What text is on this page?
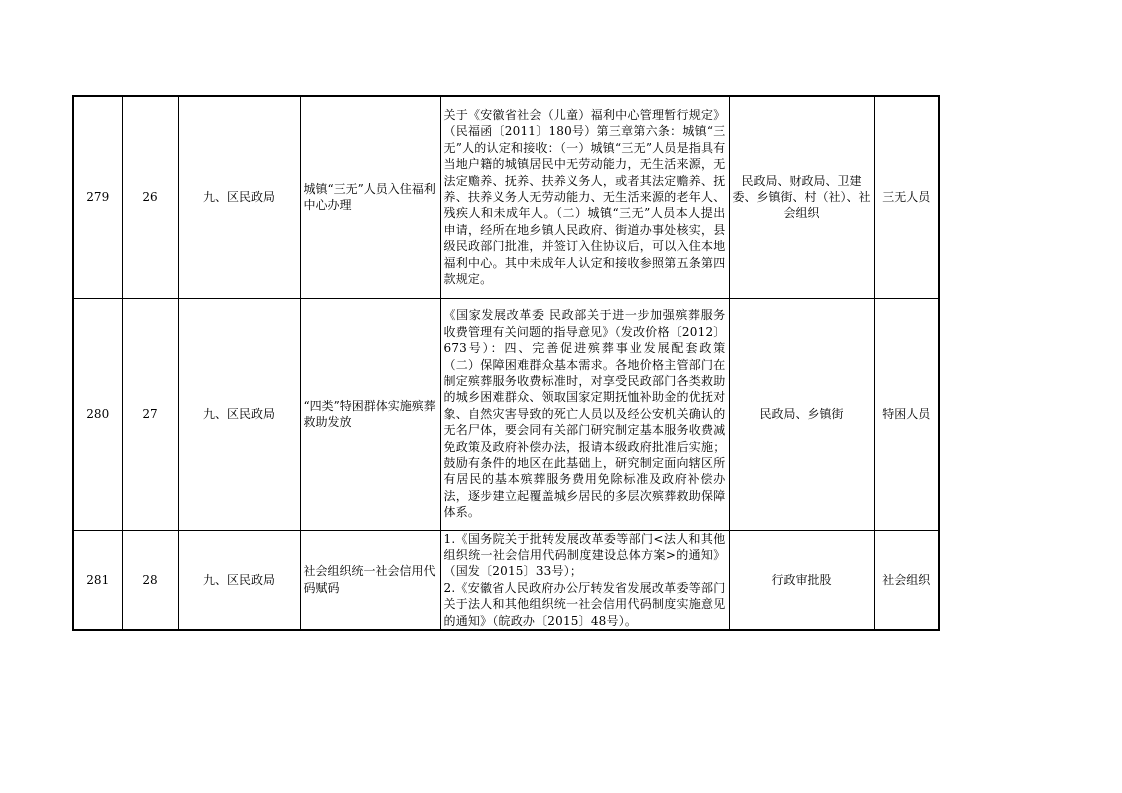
279	26	九、区民政局	城镇“三无”人员入住福利中心办理	关于《安徽省社会（儿童）福利中心管理暂行规定》（民福函〔2011〕180号）第三章第六条：城镇“三无”人的认定和接收：（一）城镇“三无”人员是指具有当地户籍的城镇居民中无劳动能力，无生活来源，无法定赡养、抚养、扶养义务人，或者其法定赡养、抚养、扶养义务人无劳动能力、无生活来源的老年人、残疾人和未成年人。（二）城镇“三无”人员本人提出申请，经所在地乡镇人民政府、街道办事处核实，县级民政部门批准，并签订入住协议后，可以入住本地福利中心。其中未成年人认定和接收参照第五条第四款规定。	民政局、财政局、卫建委、乡镇街、村（社）、社会组织	三无人员
280	27	九、区民政局	“四类”特困群体实施殡葬救助发放	《国家发展改革委 民政部关于进一步加强殡葬服务收费管理有关问题的指导意见》（发改价格〔2012〕673号）：四、完善促进殡葬事业发展配套政策 （二）保障困难群众基本需求。各地价格主管部门在制定殡葬服务收费标准时，对享受民政部门各类救助的城乡困难群众、领取国家定期抚恤补助金的优抚对象、自然灾害导致的死亡人员以及经公安机关确认的无名尸体，要会同有关部门研究制定基本服务收费减免政策及政府补偿办法，报请本级政府批准后实施；鼓励有条件的地区在此基础上，研究制定面向辖区所有居民的基本殡葬服务费用免除标准及政府补偿办法，逐步建立起覆盖城乡居民的多层次殡葬救助保障体系。	民政局、乡镇街	特困人员
281	28	九、区民政局	社会组织统一社会信用代码赋码	1.《国务院关于批转发展改革委等部门<法人和其他组织统一社会信用代码制度建设总体方案>的通知》（国发〔2015〕33号）；
2.《安徽省人民政府办公厅转发省发展改革委等部门关于法人和其他组织统一社会信用代码制度实施意见的通知》（皖政办〔2015〕48号）。	行政审批股	社会组织
